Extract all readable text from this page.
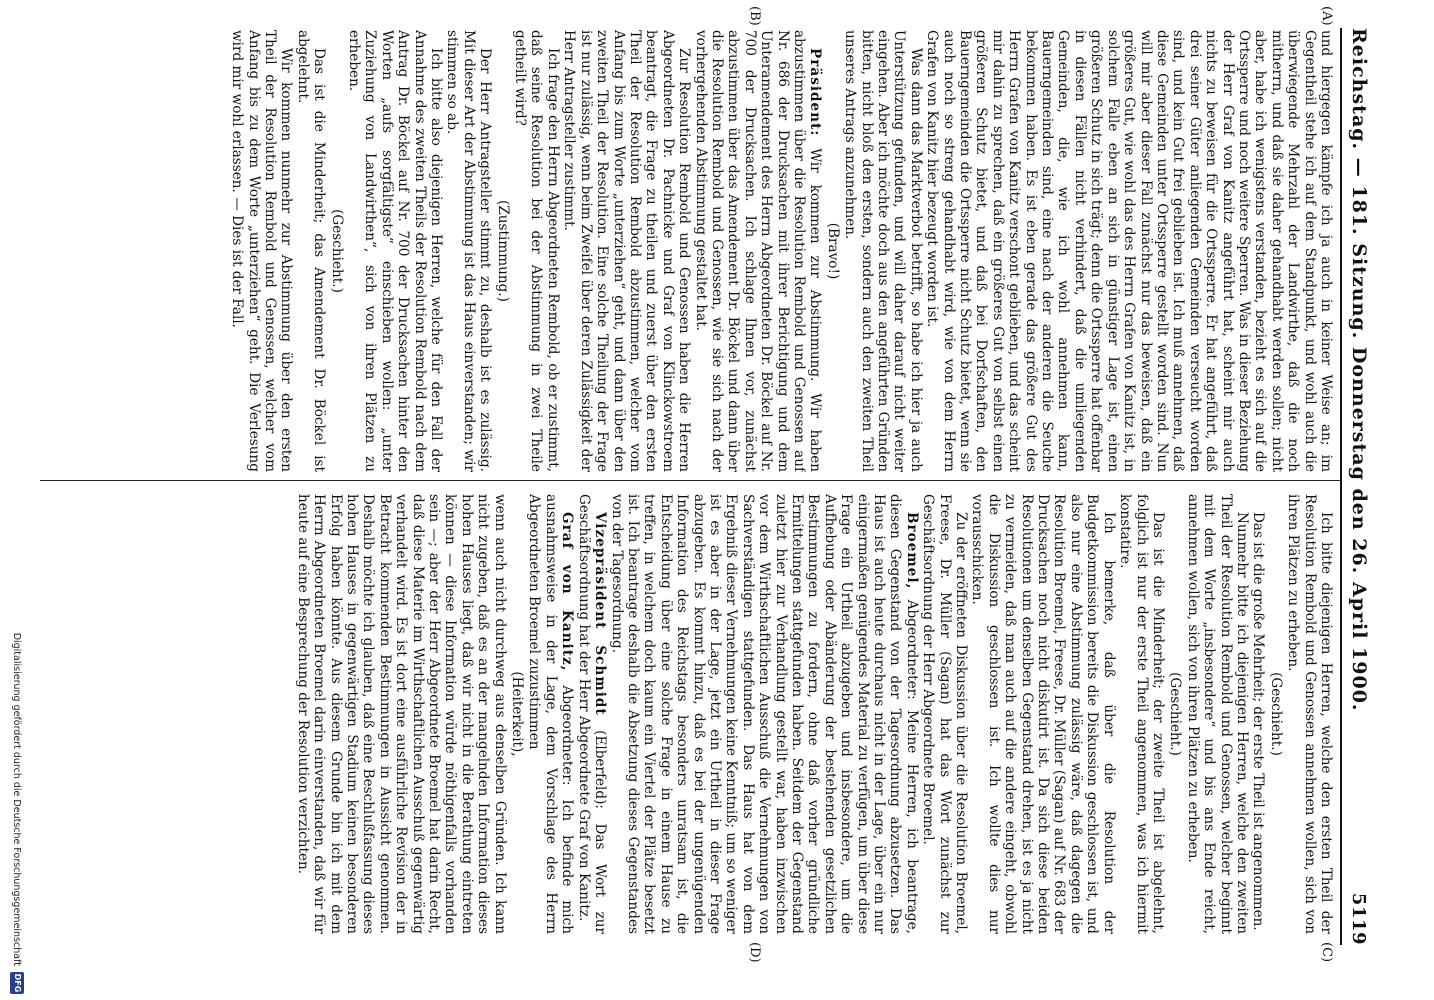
Reichstag. — 181. Sitzung. Donnerstag den 26. April 1900.
5119
(A)
(B)
(C)
(D)

und hiergegen kämpfe ich ja auch in keiner Weise an; im Gegentheil stehe ich auf dem Standpunkt, und wohl auch die überwiegende Mehrzahl der Landwirthe, daß die noch mitherrn, und daß sie daher gehandhabt werden sollen; nicht aber, habe ich wenigstens verstanden, bezieht es sich auf die Ortssperre und noch weitere Sperren. Was in dieser Beziehung der Herr Graf von Kanitz angeführt hat, scheint mir auch nichts zu beweisen für die Ortssperre. Er hat angeführt, daß drei seiner Güter anliegenden Gemeinden verseucht worden sind, und kein Gut frei geblieben ist. Ich muß annehmen, daß diese Gemeinden unter Ortssperre gestellt worden sind. Nun will mir aber dieser Fall zunächst nur das beweisen, daß ein größeres Gut, wie wohl das des Herrn Grafen von Kanitz ist, in solchem Falle eben an sich in günstiger Lage ist, einen größeren Schutz in sich trägt; denn die Ortssperre hat offenbar in diesen Fällen nicht verhindert, daß die umliegenden Gemeinden, die, wie ich wohl annehmen kann, Bauerngemeinden sind, eine nach der anderen die Seuche bekommen haben. Es ist eben gerade das größere Gut des Herrn Grafen von Kanitz verschont geblieben, und das scheint mir dahin zu sprechen, daß ein größeres Gut von selbst einen größeren Schutz bietet, und daß bei Dorfschaften, den Bauerngemeinden die Ortssperre nicht Schutz bietet, wenn sie auch noch so streng gehandhabt wird, wie von dem Herrn Grafen von Kanitz hier bezeugt worden ist.

Was dann das Marktverbot betrifft, so habe ich hier ja auch Unterstützung gefunden, und will daher darauf nicht weiter eingehen. Aber ich möchte doch aus den angeführten Gründen bitten, nicht bloß den ersten, sondern auch den zweiten Theil unseres Antrags anzunehmen.

(Bravo!)

Präsident: Wir kommen zur Abstimmung. Wir haben abzustimmen über die Resolution Rembold und Genossen auf Nr. 686 der Drucksachen mit ihrer Berichtigung und dem Unteramendement des Herrn Abgeordneten Dr. Böckel auf Nr. 700 der Drucksachen. Ich schlage Ihnen vor, zunächst abzustimmen über das Amendement Dr. Böckel und dann über die Resolution Rembold und Genossen, wie sie sich nach der vorhergehenden Abstimmung gestaltet hat.

Zur Resolution Rembold und Genossen haben die Herren Abgeordneten Dr. Pachnicke und Graf von Klinckowstroem beantragt, die Frage zu theilen und zuerst über den ersten Theil der Resolution Rembold abzustimmen, welcher vom Anfang bis zum Worte „unterziehen“ geht, und dann über den zweiten Theil der Resolution. Eine solche Theilung der Frage ist nur zulässig, wenn beim Zweifel über deren Zulässigkeit der Herr Antragsteller zustimmt.

Ich frage den Herrn Abgeordneten Rembold, ob er zustimmt, daß seine Resolution bei der Abstimmung in zwei Theile getheilt wird?

(Zustimmung.)

Der Herr Antragsteller stimmt zu, deshalb ist es zulässig. Mit dieser Art der Abstimmung ist das Haus einverstanden; wir stimmen so ab.

Ich bitte also diejenigen Herren, welche für den Fall der Annahme des zweiten Theils der Resolution Rembold nach dem Antrag Dr. Böckel auf Nr. 700 der Drucksachen hinter den Worten „aufs sorgfältigste“ einschieben wollen: „unter Zuziehung von Landwirthen“, sich von ihren Plätzen zu erheben.

(Geschieht.)

Das ist die Minderheit; das Amendement Dr. Böckel ist abgelehnt.

Wir kommen nunmehr zur Abstimmung über den ersten Theil der Resolution Rembold und Genossen, welcher vom Anfang bis zu dem Worte „unterziehen“ geht. Die Verlesung wird mir wohl erlassen. — Dies ist der Fall.

Ich bitte diejenigen Herren, welche den ersten Theil der Resolution Rembold und Genossen annehmen wollen, sich von ihren Plätzen zu erheben.

(Geschieht.)

Das ist die große Mehrheit; der erste Theil ist angenommen.

Nunmehr bitte ich diejenigen Herren, welche den zweiten Theil der Resolution Rembold und Genossen, welcher beginnt mit dem Worte „insbesondere“ und bis ans Ende reicht, annehmen wollen, sich von ihren Plätzen zu erheben.

(Geschieht.)

Das ist die Minderheit; der zweite Theil ist abgelehnt, folglich ist nur der erste Theil angenommen, was ich hiermit konstatire.

Ich bemerke, daß über die Resolution der Budgetkommission bereits die Diskussion geschlossen ist, und also nur eine Abstimmung zulässig wäre, daß dagegen die Resolution Broemel, Freese, Dr. Müller (Sagan) auf Nr. 683 der Drucksachen noch nicht diskutirt ist. Da sich diese beiden Resolutionen um denselben Gegenstand drehen, ist es ja nicht zu vermeiden, daß man auch auf die andere eingeht, obwohl die Diskussion geschlossen ist. Ich wollte dies nur vorausschicken.

Zu der eröffneten Diskussion über die Resolution Broemel, Freese, Dr. Müller (Sagan) hat das Wort zunächst zur Geschäftsordnung der Herr Abgeordnete Broemel.

Broemel, Abgeordneter: Meine Herren, ich beantrage, diesen Gegenstand von der Tagesordnung abzusetzen. Das Haus ist auch heute durchaus nicht in der Lage, über ein nur einigermaßen genügendes Material zu verfügen, um über diese Frage ein Urtheil abzugeben und insbesondere, um die Aufhebung oder Abänderung der bestehenden gesetzlichen Bestimmungen zu fordern, ohne daß vorher gründliche Ermittelungen stattgefunden haben. Seitdem der Gegenstand zuletzt hier zur Verhandlung gestellt war, haben inzwischen vor dem Wirthschaftlichen Ausschuß die Vernehmungen von Sachverständigen stattgefunden. Das Haus hat von dem Ergebniß dieser Vernehmungen keine Kenntniß; um so weniger ist es aber in der Lage, jetzt ein Urtheil in dieser Frage abzugeben. Es kommt hinzu, daß es bei der ungenügenden Information des Reichstags besonders unratsam ist, die Entscheidung über eine solche Frage in einem Hause zu treffen, in welchem doch kaum ein Viertel der Plätze besetzt ist. Ich beantrage deshalb die Absetzung dieses Gegenstandes von der Tagesordnung.

Vizepräsident Schmidt (Elberfeld): Das Wort zur Geschäftsordnung hat der Herr Abgeordnete Graf von Kanitz.

Graf von Kanitz, Abgeordneter: Ich befinde mich ausnahmsweise in der Lage, dem Vorschlage des Herrn Abgeordneten Broemel zuzustimmen

(Heiterkeit),

wenn auch nicht durchweg aus denselben Gründen. Ich kann nicht zugeben, daß es an der mangelnden Information dieses hohen Hauses liegt, daß wir nicht in die Berathung eintreten können — diese Information würde nöthigenfalls vorhanden sein —; aber der Herr Abgeordnete Broemel hat darin Recht, daß diese Materie im Wirthschaftlichen Ausschuß gegenwärtig verhandelt wird. Es ist dort eine ausführliche Revision der in Betracht kommenden Bestimmungen in Aussicht genommen. Deshalb möchte ich glauben, daß eine Beschlußfassung dieses hohen Hauses in gegenwärtigen Stadium keinen besonderen Erfolg haben könnte. Aus diesem Grunde bin ich mit dem Herrn Abgeordneten Broemel darin einverstanden, daß wir für heute auf eine Besprechung der Resolution verzichten.

Digitalisierung gefördert durch die Deutsche Forschungsgemeinschaft
DFG
